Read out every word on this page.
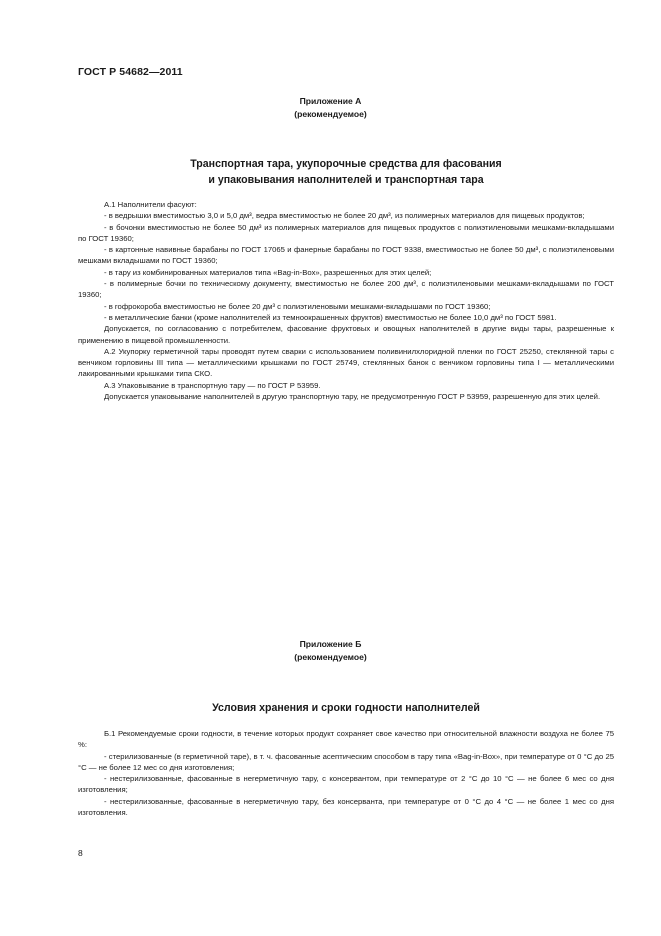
ГОСТ Р 54682—2011
Приложение А
(рекомендуемое)
Транспортная тара, укупорочные средства для фасования
и упаковывания наполнителей и транспортная тара

А.1 Наполнители фасуют:

- в ведрышки вместимостью 3,0 и 5,0 дм³, ведра вместимостью не более 20 дм³, из полимерных материалов для пищевых продуктов;

- в бочонки вместимостью не более 50 дм³ из полимерных материалов для пищевых продуктов с полиэтиленовыми мешками-вкладышами по ГОСТ 19360;

- в картонные навивные барабаны по ГОСТ 17065 и фанерные барабаны по ГОСТ 9338, вместимостью не более 50 дм³, с полиэтиленовыми мешками вкладышами по ГОСТ 19360;

- в тару из комбинированных материалов типа «Bag-in-Box», разрешенных для этих целей;

- в полимерные бочки по техническому документу, вместимостью не более 200 дм³, с полиэтиленовыми мешками-вкладышами по ГОСТ 19360;

- в гофрокороба вместимостью не более 20 дм³ с полиэтиленовыми мешками-вкладышами по ГОСТ 19360;

- в металлические банки (кроме наполнителей из темноокрашенных фруктов) вместимостью не более 10,0 дм³ по ГОСТ 5981.

Допускается, по согласованию с потребителем, фасование фруктовых и овощных наполнителей в другие виды тары, разрешенные к применению в пищевой промышленности.

А.2 Укупорку герметичной тары проводят путем сварки с использованием поливинилхлоридной пленки по ГОСТ 25250, стеклянной тары с венчиком горловины III типа — металлическими крышками по ГОСТ 25749, стеклянных банок с венчиком горловины типа I — металлическими лакированными крышками типа СКО.

А.3 Упаковывание в транспортную тару — по ГОСТ Р 53959.

Допускается упаковывание наполнителей в другую транспортную тару, не предусмотренную ГОСТ Р 53959, разрешенную для этих целей.

Приложение Б
(рекомендуемое)
Условия хранения и сроки годности наполнителей

Б.1 Рекомендуемые сроки годности, в течение которых продукт сохраняет свое качество при относительной влажности воздуха не более 75 %:

- стерилизованные (в герметичной таре), в т. ч. фасованные асептическим способом в тару типа «Bag-in-Box», при температуре от 0 °С до 25 °С — не более 12 мес со дня изготовления;

- нестерилизованные, фасованные в негерметичную тару, с консервантом, при температуре от 2 °С до 10 °С — не более 6 мес со дня изготовления;

- нестерилизованные, фасованные в негерметичную тару, без консерванта, при температуре от 0 °С до 4 °С — не более 1 мес со дня изготовления.

8
